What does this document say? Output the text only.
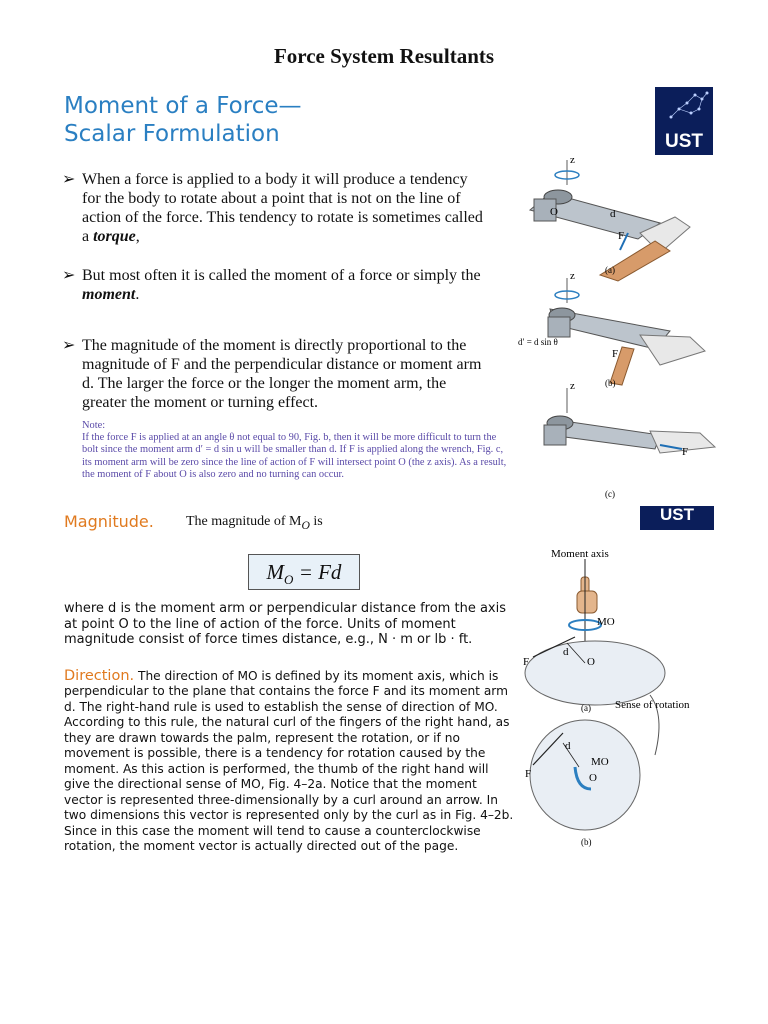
Force System Resultants
Moment of a Force—
Scalar Formulation	UST
➢ When a force is applied to a body it will produce a tendency for the body to rotate about a point that is not on the line of action of the force. This tendency to rotate is sometimes called a torque,
➢ But most often it is called the moment of a force or simply the moment.
➢ The magnitude of the moment is directly proportional to the magnitude of F and the perpendicular distance or moment arm d. The larger the force or the longer the moment arm, the greater the moment or turning effect.
Note:
If the force F is applied at an angle θ not equal to 90, Fig. b, then it will be more difficult to turn the bolt since the moment arm d′ = d sin u will be smaller than d. If F is applied along the wrench, Fig. c, its moment arm will be zero since the line of action of F will intersect point O (the z axis). As a result, the moment of F about O is also zero and no turning can occur.
F
z
O	d
(a)
F
z
d′ = d sin θ
(b)
F
z
(c)
UST
Magnitude. The magnitude of $M_O$ is
$M_O = Fd$
where d is the moment arm or perpendicular distance from the axis at point O to the line of action of the force. Units of moment magnitude consist of force times distance, e.g., N · m or lb · ft.
Direction. The direction of MO is defined by its moment axis, which is perpendicular to the plane that contains the force F and its moment arm d. The right-hand rule is used to establish the sense of direction of MO. According to this rule, the natural curl of the fingers of the right hand, as they are drawn towards the palm, represent the rotation, or if no movement is possible, there is a tendency for rotation caused by the moment. As this action is performed, the thumb of the right hand will give the directional sense of MO, Fig. 4–2a. Notice that the moment vector is represented three-dimensionally by a curl around an arrow. In two dimensions this vector is represented only by the curl as in Fig. 4–2b. Since in this case the moment will tend to cause a counterclockwise rotation, the moment vector is actually directed out of the page.
Moment axis
MO
F	O
d
(a) Sense of rotation
MO
O
F
d
(b)
